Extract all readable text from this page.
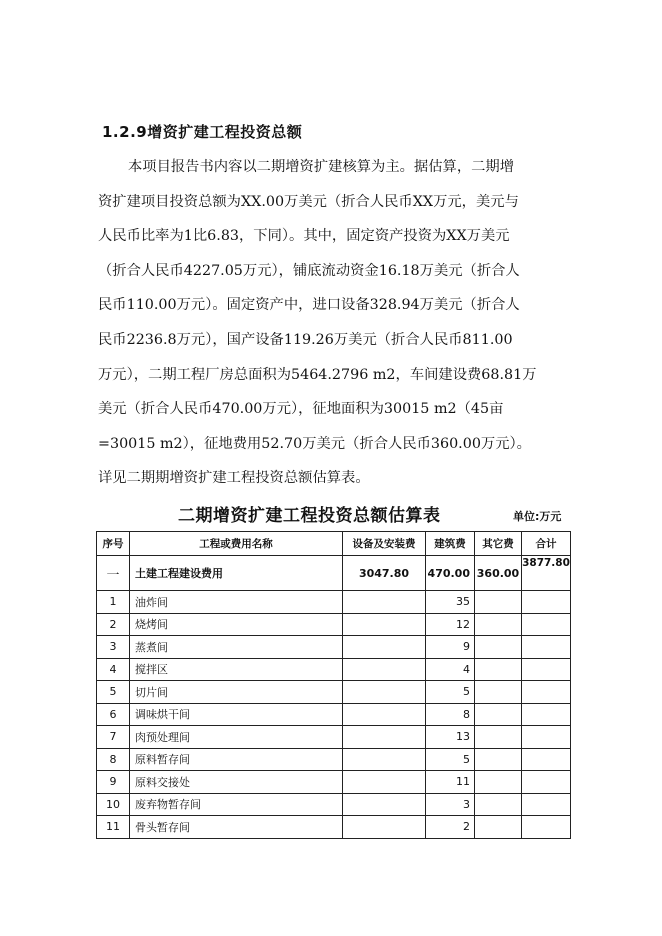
1.2.9增资扩建工程投资总额
本项目报告书内容以二期增资扩建核算为主。据估算，二期增
资扩建项目投资总额为XX.00万美元（折合人民币XX万元，美元与
人民币比率为1比6.83，下同）。其中，固定资产投资为XX万美元
（折合人民币4227.05万元），铺底流动资金16.18万美元（折合人
民币110.00万元）。固定资产中，进口设备328.94万美元（折合人
民币2236.8万元），国产设备119.26万美元（折合人民币811.00
万元），二期工程厂房总面积为5464.2796 m2，车间建设费68.81万
美元（折合人民币470.00万元），征地面积为30015 m2（45亩
=30015 m2），征地费用52.70万美元（折合人民币360.00万元）。
详见二期期增资扩建工程投资总额估算表。
二期增资扩建工程投资总额估算表	单位:万元
序号	工程或费用名称	设备及安装费	建筑费	其它费	合计
一	土建工程建设费用	3047.80	470.00	360.00	3877.80
1	油炸间		35		
2	烧烤间		12		
3	蒸煮间		9		
4	搅拌区		4		
5	切片间		5		
6	调味烘干间		8		
7	肉预处理间		13		
8	原料暂存间		5		
9	原料交接处		11		
10	废弃物暂存间		3		
11	骨头暂存间		2		
